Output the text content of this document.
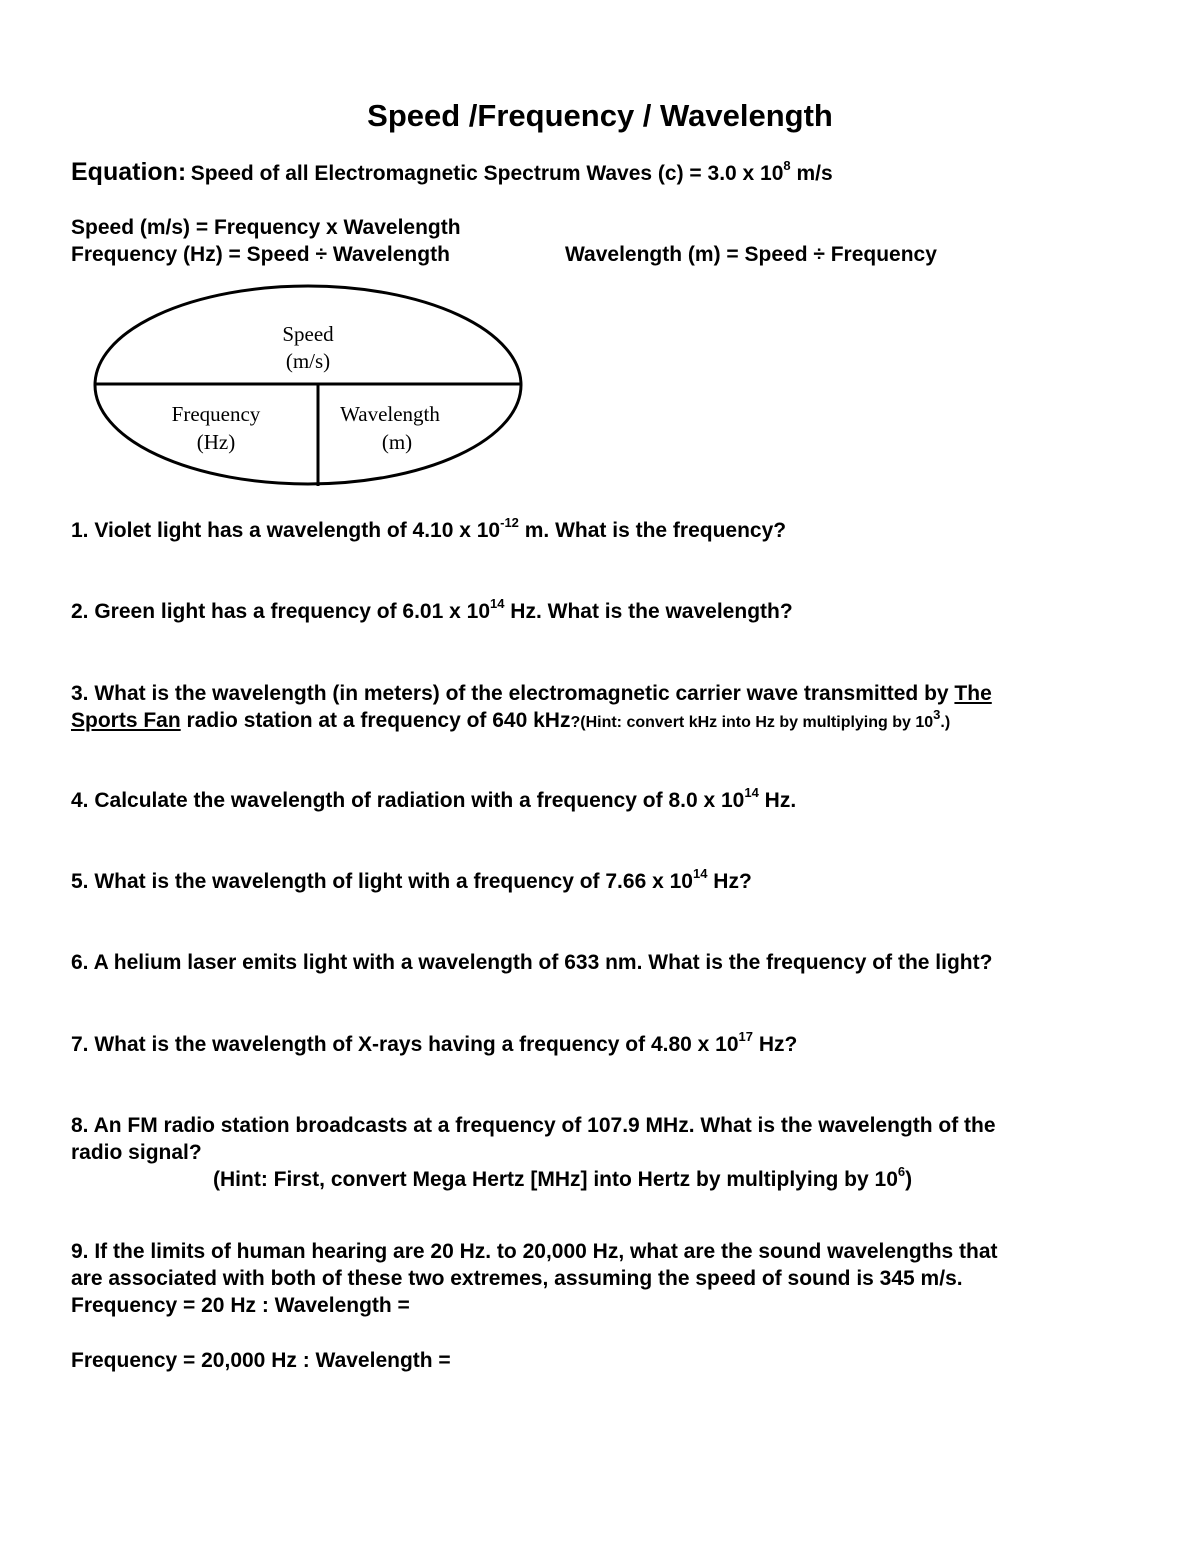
Speed /Frequency / Wavelength
Equation: Speed of all Electromagnetic Spectrum Waves (c) = 3.0 x $10^8$ m/s
Speed (m/s) = Frequency x Wavelength
Frequency (Hz) = Speed ÷ Wavelength	Wavelength (m) = Speed ÷ Frequency
Speed
(m/s)
Frequency
(Hz)
Wavelength
(m)
1. Violet light has a wavelength of 4.10 x $10^{-12}$ m. What is the frequency?
2. Green light has a frequency of 6.01 x $10^{14}$ Hz. What is the wavelength?
3. What is the wavelength (in meters) of the electromagnetic carrier wave transmitted by The
Sports Fan radio station at a frequency of 640 kHz?(Hint: convert kHz into Hz by multiplying by $10^3$.)
4. Calculate the wavelength of radiation with a frequency of 8.0 x $10^{14}$ Hz.
5. What is the wavelength of light with a frequency of 7.66 x $10^{14}$ Hz?
6. A helium laser emits light with a wavelength of 633 nm. What is the frequency of the light?
7. What is the wavelength of X-rays having a frequency of 4.80 x $10^{17}$ Hz?
8. An FM radio station broadcasts at a frequency of 107.9 MHz. What is the wavelength of the
radio signal?
(Hint: First, convert Mega Hertz [MHz] into Hertz by multiplying by $10^6$)
9. If the limits of human hearing are 20 Hz. to 20,000 Hz, what are the sound wavelengths that
are associated with both of these two extremes, assuming the speed of sound is 345 m/s.
Frequency = 20 Hz : Wavelength =
Frequency = 20,000 Hz : Wavelength =
